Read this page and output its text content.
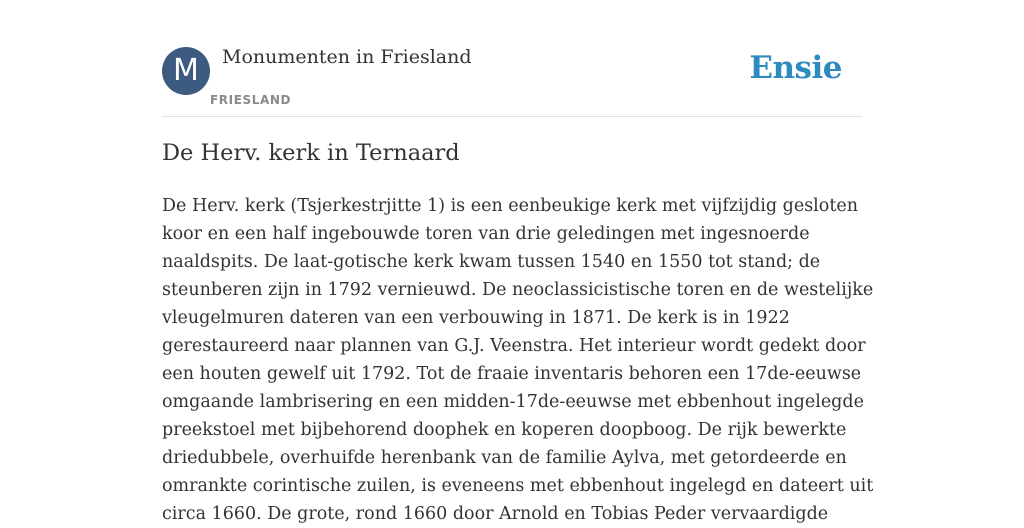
M	Monumenten in Friesland
FRIESLAND
Ensie
De Herv. kerk in Ternaard

De Herv. kerk (Tsjerkestrjitte 1) is een eenbeukige kerk met vijfzijdig gesloten
koor en een half ingebouwde toren van drie geledingen met ingesnoerde
naaldspits. De laat-gotische kerk kwam tussen 1540 en 1550 tot stand; de
steunberen zijn in 1792 vernieuwd. De neoclassicistische toren en de westelijke
vleugelmuren dateren van een verbouwing in 1871. De kerk is in 1922
gerestaureerd naar plannen van G.J. Veenstra. Het interieur wordt gedekt door
een houten gewelf uit 1792. Tot de fraaie inventaris behoren een 17de-eeuwse
omgaande lambrisering en een midden-17de-eeuwse met ebbenhout ingelegde
preekstoel met bijbehorend doophek en koperen doopboog. De rijk bewerkte
driedubbele, overhuifde herenbank van de familie Aylva, met getordeerde en
omrankte corintische zuilen, is eveneens met ebbenhout ingelegd en dateert uit
circa 1660. De grote, rond 1660 door Arnold en Tobias Peder vervaardigde
